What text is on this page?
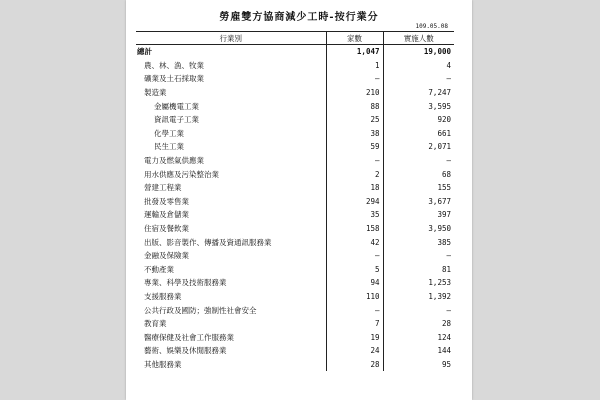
勞雇雙方協商減少工時-按行業分
109.05.08
行業別	家數	實施人數
總計	1,047	19,000
農、林、漁、牧業	1	4
礦業及土石採取業	–	–
製造業	210	7,247
金屬機電工業	88	3,595
資訊電子工業	25	920
化學工業	38	661
民生工業	59	2,071
電力及燃氣供應業	–	–
用水供應及污染整治業	2	68
營建工程業	18	155
批發及零售業	294	3,677
運輸及倉儲業	35	397
住宿及餐飲業	158	3,950
出版、影音製作、傳播及資通訊服務業	42	385
金融及保險業	–	–
不動產業	5	81
專業、科學及技術服務業	94	1,253
支援服務業	110	1,392
公共行政及國防；強制性社會安全	–	–
教育業	7	28
醫療保健及社會工作服務業	19	124
藝術、娛樂及休閒服務業	24	144
其他服務業	28	95
